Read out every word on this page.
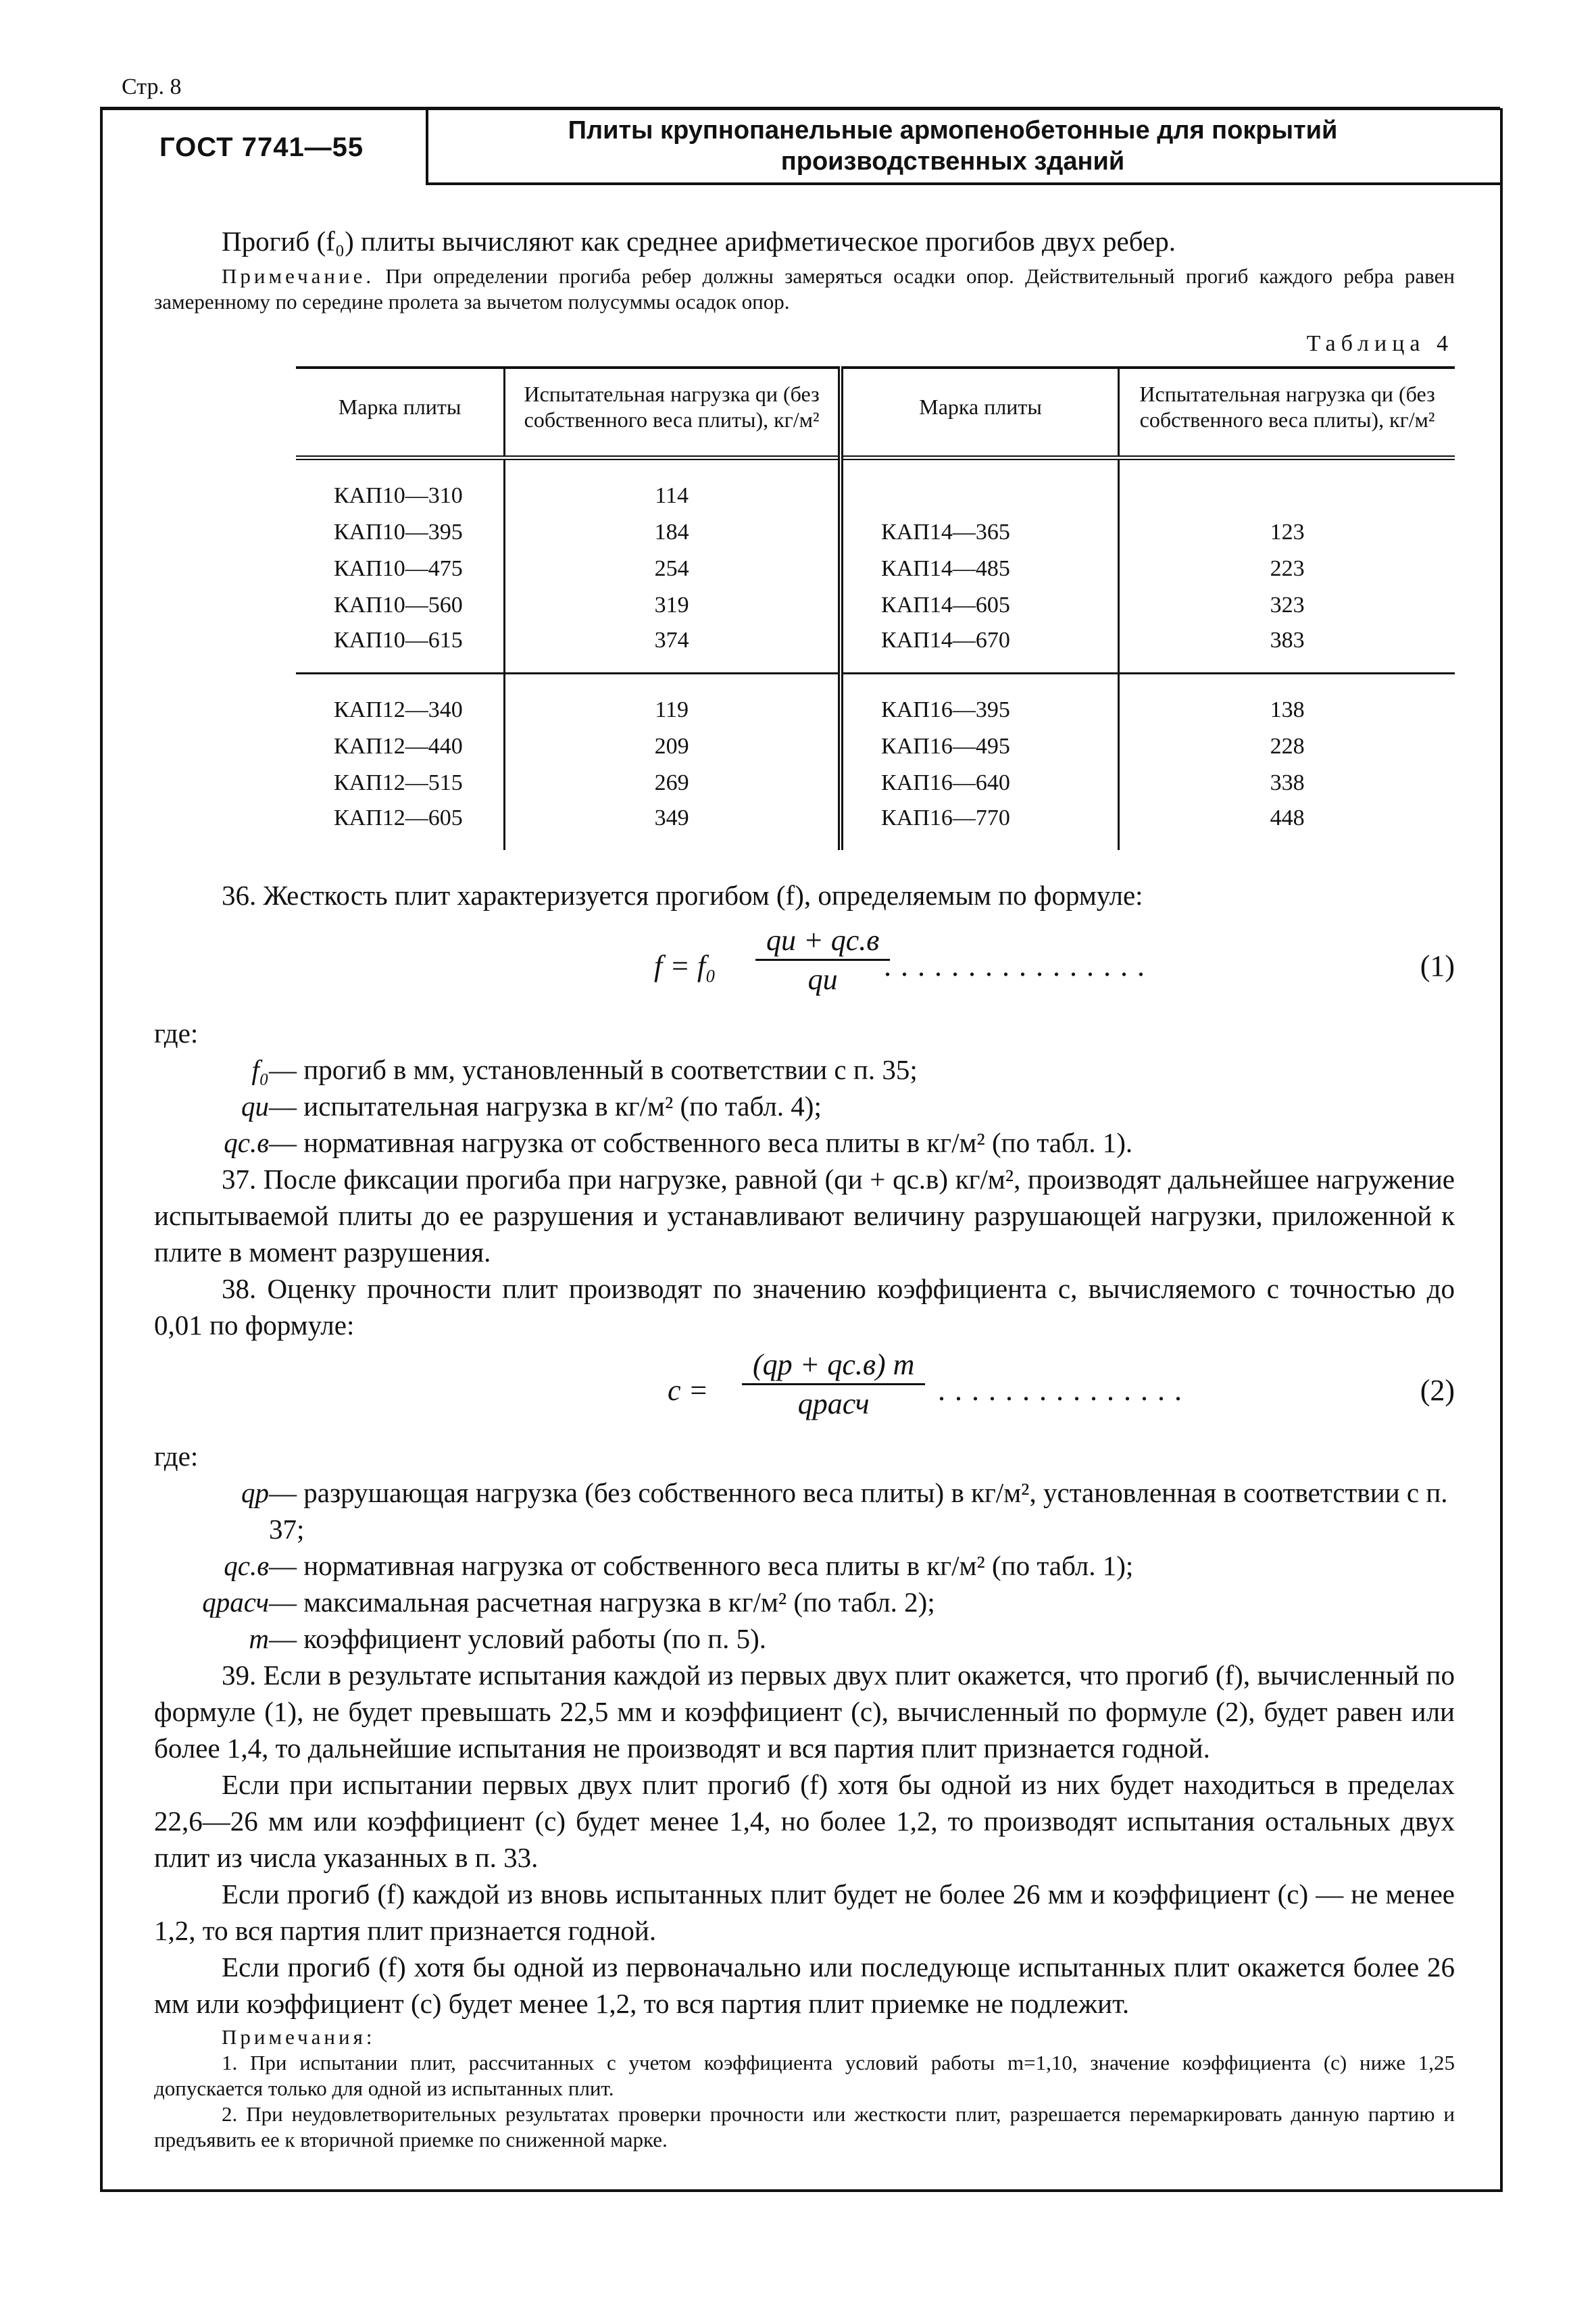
Стр. 8
ГОСТ 7741—55
Плиты крупнопанельные армопенобетонные для покрытий
производственных зданий

Прогиб (f₀) плиты вычисляют как среднее арифметическое прогибов двух ребер.

Примечание. При определении прогиба ребер должны замеряться осадки опор. Действительный прогиб каждого ребра равен замеренному по середине пролета за вычетом полусуммы осадок опор.

Таблица 4
Марка плиты	Испытательная нагрузка qи (без собственного веса плиты), кг/м²	Марка плиты	Испытательная нагрузка qи (без собственного веса плиты), кг/м²

КАП10—310	114		
КАП10—395	184	КАП14—365	123
КАП10—475	254	КАП14—485	223
КАП10—560	319	КАП14—605	323
КАП10—615	374	КАП14—670	383

КАП12—340	119	КАП16—395	138
КАП12—440	209	КАП16—495	228
КАП12—515	269	КАП16—640	338
КАП12—605	349	КАП16—770	448

36. Жесткость плит характеризуется прогибом (f), определяемым по формуле:

f = f₀
qи + qс.в
qи	................	(1)

где:

f₀ — прогиб в мм, установленный в соответствии с п. 35;
qи — испытательная нагрузка в кг/м² (по табл. 4);
qс.в — нормативная нагрузка от собственного веса плиты в кг/м² (по табл. 1).

37. После фиксации прогиба при нагрузке, равной (qи + qс.в) кг/м², производят дальнейшее нагружение испытываемой плиты до ее разрушения и устанавливают величину разрушающей нагрузки, приложенной к плите в момент разрушения.

38. Оценку прочности плит производят по значению коэффициента c, вычисляемого с точностью до 0,01 по формуле:

c =
(qр + qс.в) m
qрасч	...............	(2)

где:

qр — разрушающая нагрузка (без собственного веса плиты) в кг/м², установленная в соответствии с п. 37;
qс.в — нормативная нагрузка от собственного веса плиты в кг/м² (по табл. 1);
qрасч — максимальная расчетная нагрузка в кг/м² (по табл. 2);
m — коэффициент условий работы (по п. 5).

39. Если в результате испытания каждой из первых двух плит окажется, что прогиб (f), вычисленный по формуле (1), не будет превышать 22,5 мм и коэффициент (c), вычисленный по формуле (2), будет равен или более 1,4, то дальнейшие испытания не производят и вся партия плит признается годной.

Если при испытании первых двух плит прогиб (f) хотя бы одной из них будет находиться в пределах 22,6—26 мм или коэффициент (c) будет менее 1,4, но более 1,2, то производят испытания остальных двух плит из числа указанных в п. 33.

Если прогиб (f) каждой из вновь испытанных плит будет не более 26 мм и коэффициент (c) — не менее 1,2, то вся партия плит признается годной.

Если прогиб (f) хотя бы одной из первоначально или последующе испытанных плит окажется более 26 мм или коэффициент (c) будет менее 1,2, то вся партия плит приемке не подлежит.

Примечания:

1. При испытании плит, рассчитанных с учетом коэффициента условий работы m=1,10, значение коэффициента (c) ниже 1,25 допускается только для одной из испытанных плит.

2. При неудовлетворительных результатах проверки прочности или жесткости плит, разрешается перемаркировать данную партию и предъявить ее к вторичной приемке по сниженной марке.
